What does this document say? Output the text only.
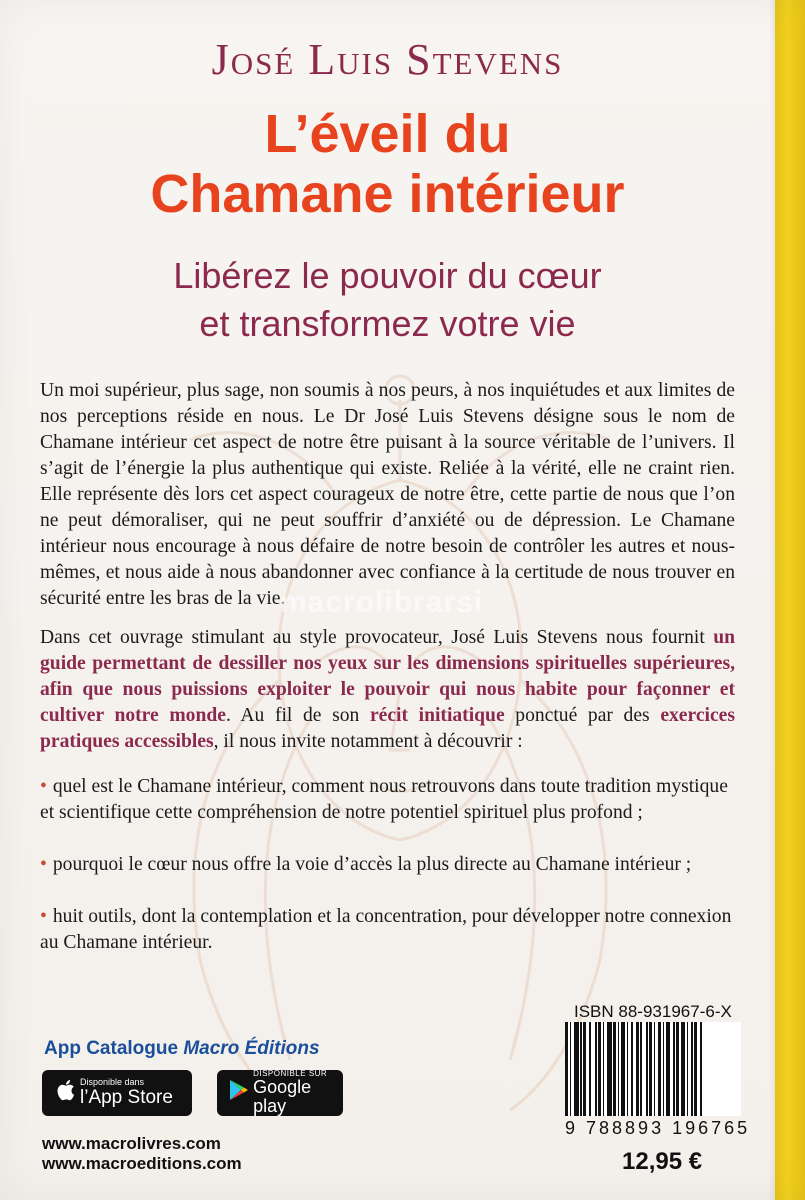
José Luis Stevens
L’éveil du
Chamane intérieur
Libérez le pouvoir du cœur
et transformez votre vie
Un moi supérieur, plus sage, non soumis à nos peurs, à nos inquiétudes et aux limites de nos perceptions réside en nous. Le Dr José Luis Stevens désigne sous le nom de Chamane intérieur cet aspect de notre être puisant à la source véritable de l’univers. Il s’agit de l’énergie la plus authentique qui existe. Reliée à la vérité, elle ne craint rien. Elle représente dès lors cet aspect courageux de notre être, cette partie de nous que l’on ne peut démoraliser, qui ne peut souffrir d’anxiété ou de dépression. Le Chamane intérieur nous encourage à nous défaire de notre besoin de contrôler les autres et nous-mêmes, et nous aide à nous abandonner avec confiance à la certitude de nous trouver en sécurité entre les bras de la vie.
macrolibrarsi
Dans cet ouvrage stimulant au style provocateur, José Luis Stevens nous fournit un guide permettant de dessiller nos yeux sur les dimensions spirituelles supérieures, afin que nous puissions exploiter le pouvoir qui nous habite pour façonner et cultiver notre monde. Au fil de son récit initiatique ponctué par des exercices pratiques accessibles, il nous invite notamment à découvrir :
• quel est le Chamane intérieur, comment nous retrouvons dans toute tradition mystique et scientifique cette compréhension de notre potentiel spirituel plus profond ;
• pourquoi le cœur nous offre la voie d’accès la plus directe au Chamane intérieur ;
• huit outils, dont la contemplation et la concentration, pour développer notre connexion au Chamane intérieur.
App Catalogue Macro Éditions
Disponible dans
l’App Store
DISPONIBLE SUR
Google play
www.macrolivres.com
www.macroeditions.com
ISBN 88-931967-6-X
9 788893 196765
12,95 €
